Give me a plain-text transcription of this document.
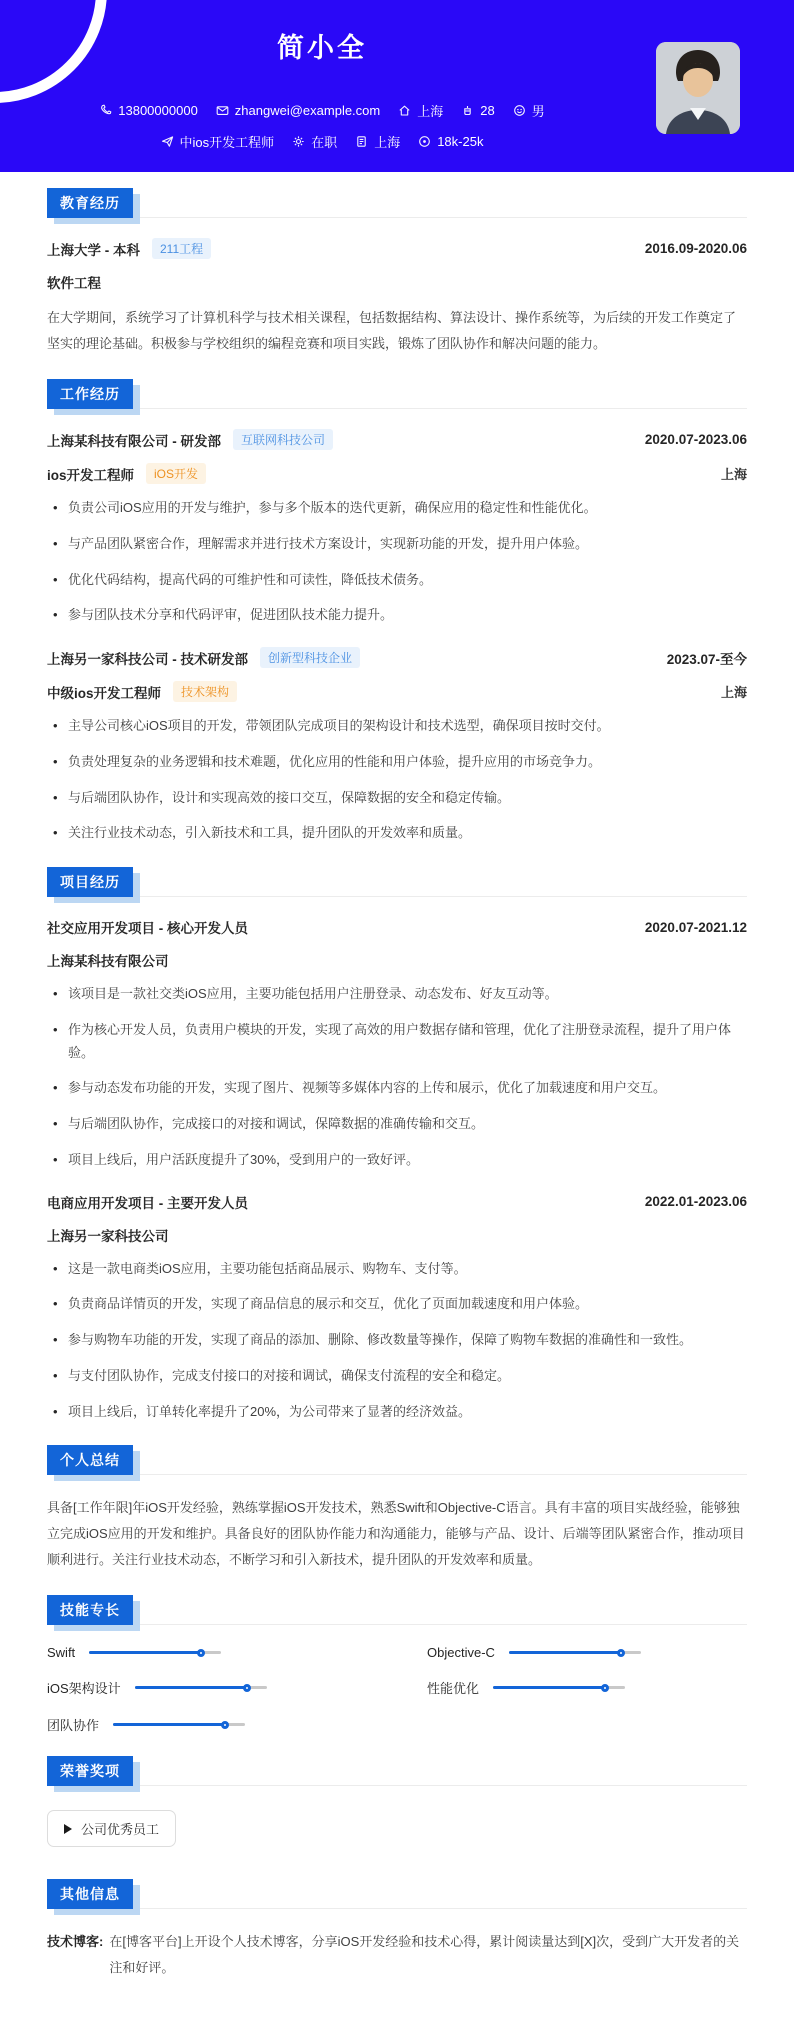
简小全
13800000000	zhangwei@example.com	上海	28	男
中ios开发工程师	在职	上海	18k-25k
教育经历
上海大学 - 本科	211工程	2016.09-2020.06
软件工程

在大学期间，系统学习了计算机科学与技术相关课程，包括数据结构、算法设计、操作系统等，为后续的开发工作奠定了坚实的理论基础。积极参与学校组织的编程竞赛和项目实践，锻炼了团队协作和解决问题的能力。

工作经历
上海某科技有限公司 - 研发部	互联网科技公司	2020.07-2023.06
ios开发工程师	iOS开发	上海
• 负责公司iOS应用的开发与维护，参与多个版本的迭代更新，确保应用的稳定性和性能优化。
• 与产品团队紧密合作，理解需求并进行技术方案设计，实现新功能的开发，提升用户体验。
• 优化代码结构，提高代码的可维护性和可读性，降低技术债务。
• 参与团队技术分享和代码评审，促进团队技术能力提升。
上海另一家科技公司 - 技术研发部	创新型科技企业	2023.07-至今
中级ios开发工程师	技术架构	上海
• 主导公司核心iOS项目的开发，带领团队完成项目的架构设计和技术选型，确保项目按时交付。
• 负责处理复杂的业务逻辑和技术难题，优化应用的性能和用户体验，提升应用的市场竞争力。
• 与后端团队协作，设计和实现高效的接口交互，保障数据的安全和稳定传输。
• 关注行业技术动态，引入新技术和工具，提升团队的开发效率和质量。
项目经历
社交应用开发项目 - 核心开发人员	2020.07-2021.12
上海某科技有限公司
• 该项目是一款社交类iOS应用，主要功能包括用户注册登录、动态发布、好友互动等。
• 作为核心开发人员，负责用户模块的开发，实现了高效的用户数据存储和管理，优化了注册登录流程，提升了用户体验。
• 参与动态发布功能的开发，实现了图片、视频等多媒体内容的上传和展示，优化了加载速度和用户交互。
• 与后端团队协作，完成接口的对接和调试，保障数据的准确传输和交互。
• 项目上线后，用户活跃度提升了30%，受到用户的一致好评。
电商应用开发项目 - 主要开发人员	2022.01-2023.06
上海另一家科技公司
• 这是一款电商类iOS应用，主要功能包括商品展示、购物车、支付等。
• 负责商品详情页的开发，实现了商品信息的展示和交互，优化了页面加载速度和用户体验。
• 参与购物车功能的开发，实现了商品的添加、删除、修改数量等操作，保障了购物车数据的准确性和一致性。
• 与支付团队协作，完成支付接口的对接和调试，确保支付流程的安全和稳定。
• 项目上线后，订单转化率提升了20%，为公司带来了显著的经济效益。
个人总结

具备[工作年限]年iOS开发经验，熟练掌握iOS开发技术，熟悉Swift和Objective-C语言。具有丰富的项目实战经验，能够独立完成iOS应用的开发和维护。具备良好的团队协作能力和沟通能力，能够与产品、设计、后端等团队紧密合作，推动项目顺利进行。关注行业技术动态，不断学习和引入新技术，提升团队的开发效率和质量。

技能专长
Swift	Objective-C
iOS架构设计	性能优化
团队协作
荣誉奖项
公司优秀员工
其他信息
技术博客: 在[博客平台]上开设个人技术博客，分享iOS开发经验和技术心得，累计阅读量达到[X]次，受到广大开发者的关注和好评。
